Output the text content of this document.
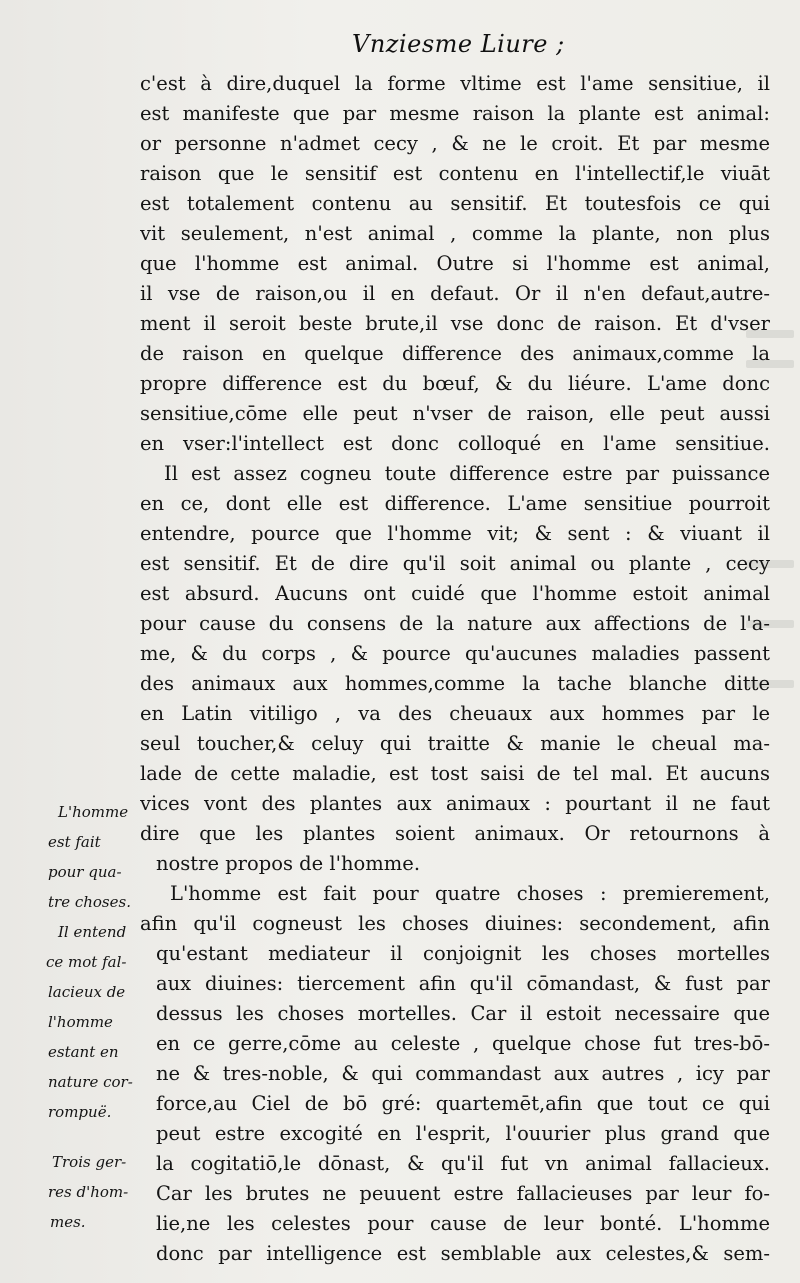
Vnziesme Liure ;
c'est à dire,duquel la forme vltime est l'ame sensitiue, il
est manifeste que par mesme raison la plante est animal:
or personne n'admet cecy , & ne le croit. Et par mesme
raison que le sensitif est contenu en l'intellectif,le viuāt
est totalement contenu au sensitif. Et toutesfois ce qui
vit seulement, n'est animal , comme la plante, non plus
que l'homme est animal. Outre si l'homme est animal,
il vse de raison,ou il en defaut. Or il n'en defaut,autre-
ment il seroit beste brute,il vse donc de raison. Et d'vser
de raison en quelque difference des animaux,comme la
propre difference est du bœuf, & du liéure. L'ame donc
sensitiue,cōme elle peut n'vser de raison, elle peut aussi
en vser:l'intellect est donc colloqué en l'ame sensitiue.
Il est assez cogneu toute difference estre par puissance
en ce, dont elle est difference. L'ame sensitiue pourroit
entendre, pource que l'homme vit; & sent : & viuant il
est sensitif. Et de dire qu'il soit animal ou plante , cecy
est absurd. Aucuns ont cuidé que l'homme estoit animal
pour cause du consens de la nature aux affections de l'a-
me, & du corps , & pource qu'aucunes maladies passent
des animaux aux hommes,comme la tache blanche ditte
en Latin vitiligo , va des cheuaux aux hommes par le
seul toucher,& celuy qui traitte & manie le cheual ma-
lade de cette maladie, est tost saisi de tel mal. Et aucuns
vices vont des plantes aux animaux : pourtant il ne faut
dire que les plantes soient animaux. Or retournons à
nostre propos de l'homme.
L'homme est fait pour quatre choses : premierement,
afin qu'il cogneust les choses diuines: secondement, afin
qu'estant mediateur il conjoignit les choses mortelles
aux diuines: tiercement afin qu'il cōmandast, & fust par
dessus les choses mortelles. Car il estoit necessaire que
en ce gerre,cōme au celeste , quelque chose fut tres-bō-
ne & tres-noble, & qui commandast aux autres , icy par
force,au Ciel de bō gré: quartemēt,afin que tout ce qui
peut estre excogité en l'esprit, l'ouurier plus grand que
la cogitatiō,le dōnast, & qu'il fut vn animal fallacieux.
Car les brutes ne peuuent estre fallacieuses par leur fo-
lie,ne les celestes pour cause de leur bonté. L'homme
donc par intelligence est semblable aux celestes,& sem-
L'homme
est fait
pour qua-
tre choses.
Il entend
ce mot fal-
lacieux de
l'homme
estant en
nature cor-
rompuë.
Trois ger-
res d'hom-
mes.
